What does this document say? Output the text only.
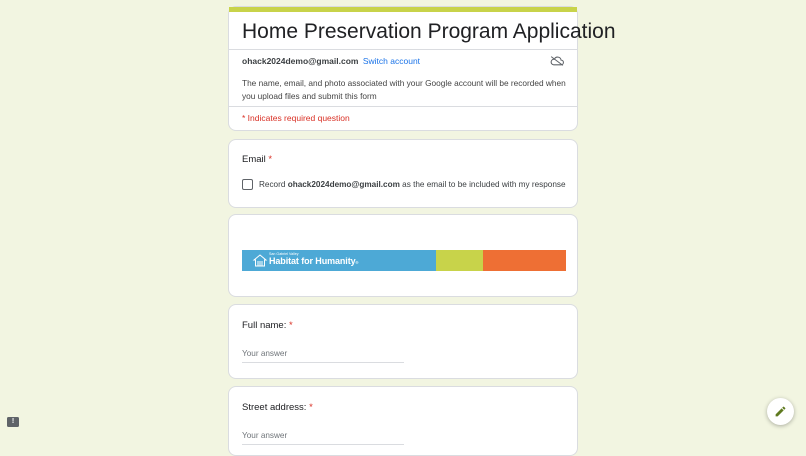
Home Preservation Program Application
ohack2024demo@gmail.com Switch account
The name, email, and photo associated with your Google account will be recorded when you upload files and submit this form
* Indicates required question
Email *
Record ohack2024demo@gmail.com as the email to be included with my response
San Gabriel Valley
Habitat for Humanity®
Full name: *
Your answer
Street address: *
Your answer
!
